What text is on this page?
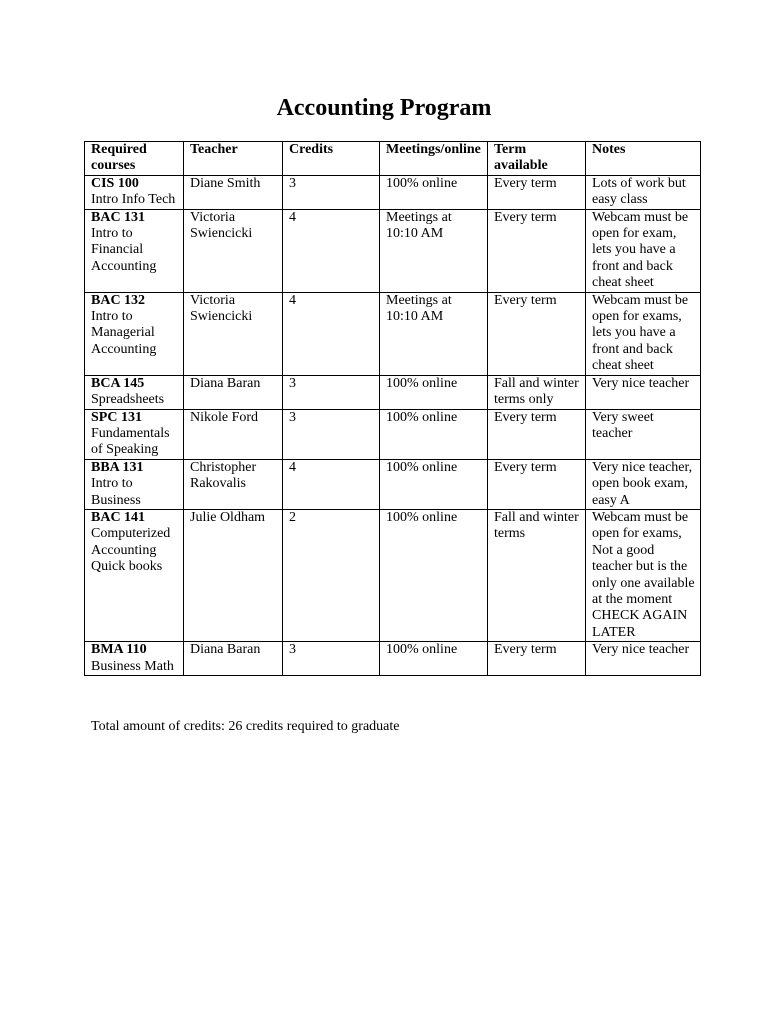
Accounting Program
Required courses	Teacher	Credits	Meetings/online	Term available	Notes

CIS 100
Intro Info Tech	Diane Smith	3	100% online	Every term	Lots of work but easy class

BAC 131
Intro to Financial Accounting	Victoria Swiencicki	4	Meetings at 10:10 AM	Every term	Webcam must be open for exam, lets you have a front and back cheat sheet

BAC 132
Intro to Managerial Accounting	Victoria Swiencicki	4	Meetings at 10:10 AM	Every term	Webcam must be open for exams, lets you have a front and back cheat sheet

BCA 145
Spreadsheets	Diana Baran	3	100% online	Fall and winter terms only	Very nice teacher

SPC 131
Fundamentals of Speaking	Nikole Ford	3	100% online	Every term	Very sweet teacher

BBA 131
Intro to Business	Christopher Rakovalis	4	100% online	Every term	Very nice teacher, open book exam, easy A

BAC 141
Computerized Accounting Quick books	Julie Oldham	2	100% online	Fall and winter terms	Webcam must be open for exams, Not a good teacher but is the only one available at the moment CHECK AGAIN LATER

BMA 110
Business Math	Diana Baran	3	100% online	Every term	Very nice teacher

Total amount of credits: 26 credits required to graduate
